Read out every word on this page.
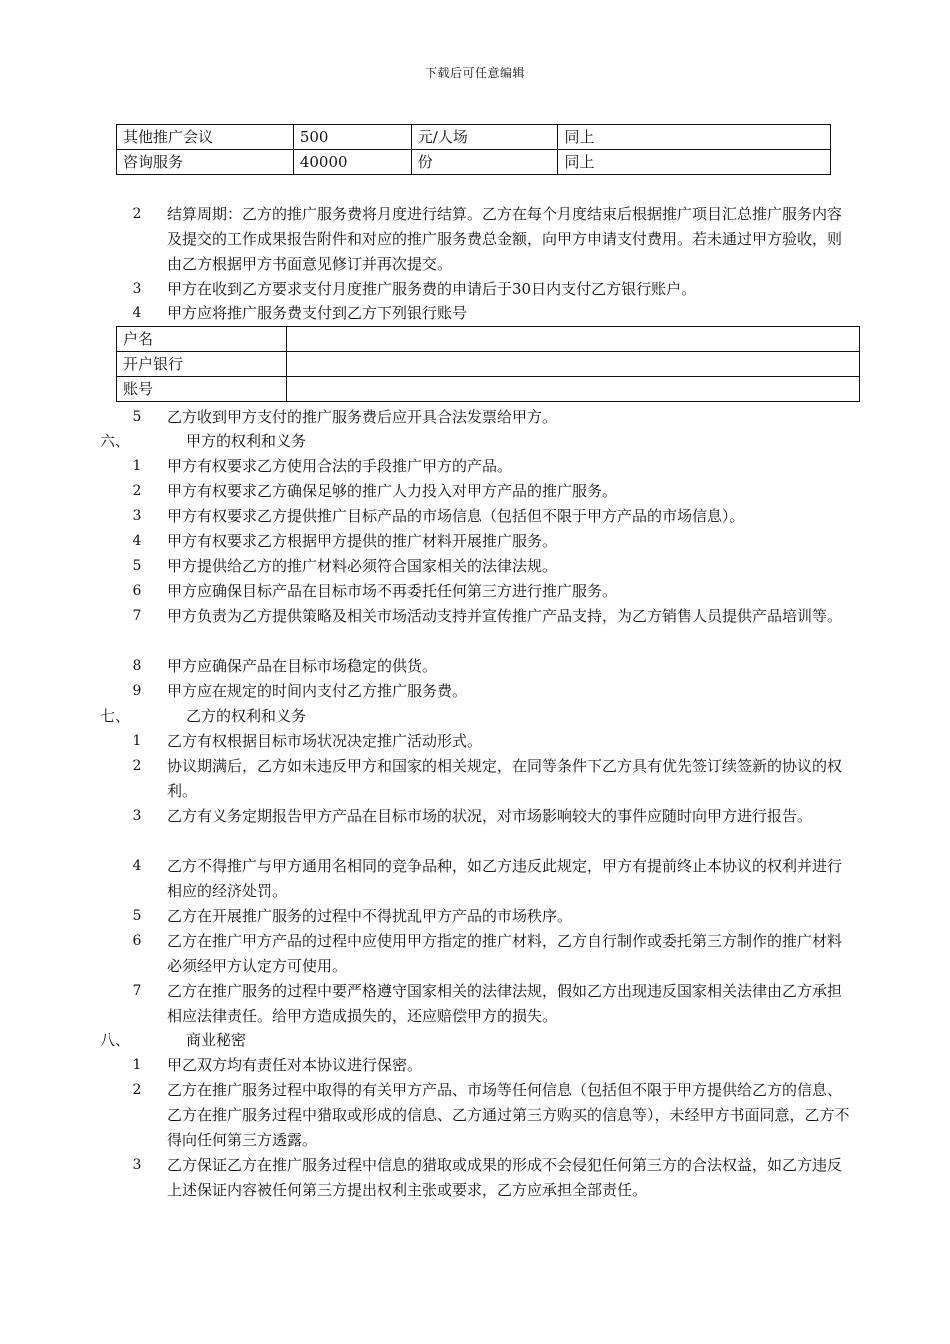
下载后可任意编辑
其他推广会议	500	元/人场	同上
咨询服务	40000	份	同上
2 结算周期：乙方的推广服务费将月度进行结算。乙方在每个月度结束后根据推广项目汇总推广服务内容及提交的工作成果报告附件和对应的推广服务费总金额，向甲方申请支付费用。若未通过甲方验收，则由乙方根据甲方书面意见修订并再次提交。
3 甲方在收到乙方要求支付月度推广服务费的申请后于30日内支付乙方银行账户。
4 甲方应将推广服务费支付到乙方下列银行账号
户名	
开户银行	
账号	
5 乙方收到甲方支付的推广服务费后应开具合法发票给甲方。
六、	甲方的权利和义务
1 甲方有权要求乙方使用合法的手段推广甲方的产品。
2 甲方有权要求乙方确保足够的推广人力投入对甲方产品的推广服务。
3 甲方有权要求乙方提供推广目标产品的市场信息（包括但不限于甲方产品的市场信息）。
4 甲方有权要求乙方根据甲方提供的推广材料开展推广服务。
5 甲方提供给乙方的推广材料必须符合国家相关的法律法规。
6 甲方应确保目标产品在目标市场不再委托任何第三方进行推广服务。
7 甲方负责为乙方提供策略及相关市场活动支持并宣传推广产品支持，为乙方销售人员提供产品培训等。
8 甲方应确保产品在目标市场稳定的供货。
9 甲方应在规定的时间内支付乙方推广服务费。
七、	乙方的权利和义务
1 乙方有权根据目标市场状况决定推广活动形式。
2 协议期满后，乙方如未违反甲方和国家的相关规定，在同等条件下乙方具有优先签订续签新的协议的权利。
3 乙方有义务定期报告甲方产品在目标市场的状况，对市场影响较大的事件应随时向甲方进行报告。
4 乙方不得推广与甲方通用名相同的竞争品种，如乙方违反此规定，甲方有提前终止本协议的权利并进行相应的经济处罚。
5 乙方在开展推广服务的过程中不得扰乱甲方产品的市场秩序。
6 乙方在推广甲方产品的过程中应使用甲方指定的推广材料，乙方自行制作或委托第三方制作的推广材料必须经甲方认定方可使用。
7 乙方在推广服务的过程中要严格遵守国家相关的法律法规，假如乙方出现违反国家相关法律由乙方承担相应法律责任。给甲方造成损失的，还应赔偿甲方的损失。
八、	商业秘密
1 甲乙双方均有责任对本协议进行保密。
2 乙方在推广服务过程中取得的有关甲方产品、市场等任何信息（包括但不限于甲方提供给乙方的信息、乙方在推广服务过程中猎取或形成的信息、乙方通过第三方购买的信息等），未经甲方书面同意，乙方不得向任何第三方透露。
3 乙方保证乙方在推广服务过程中信息的猎取或成果的形成不会侵犯任何第三方的合法权益，如乙方违反上述保证内容被任何第三方提出权利主张或要求，乙方应承担全部责任。
